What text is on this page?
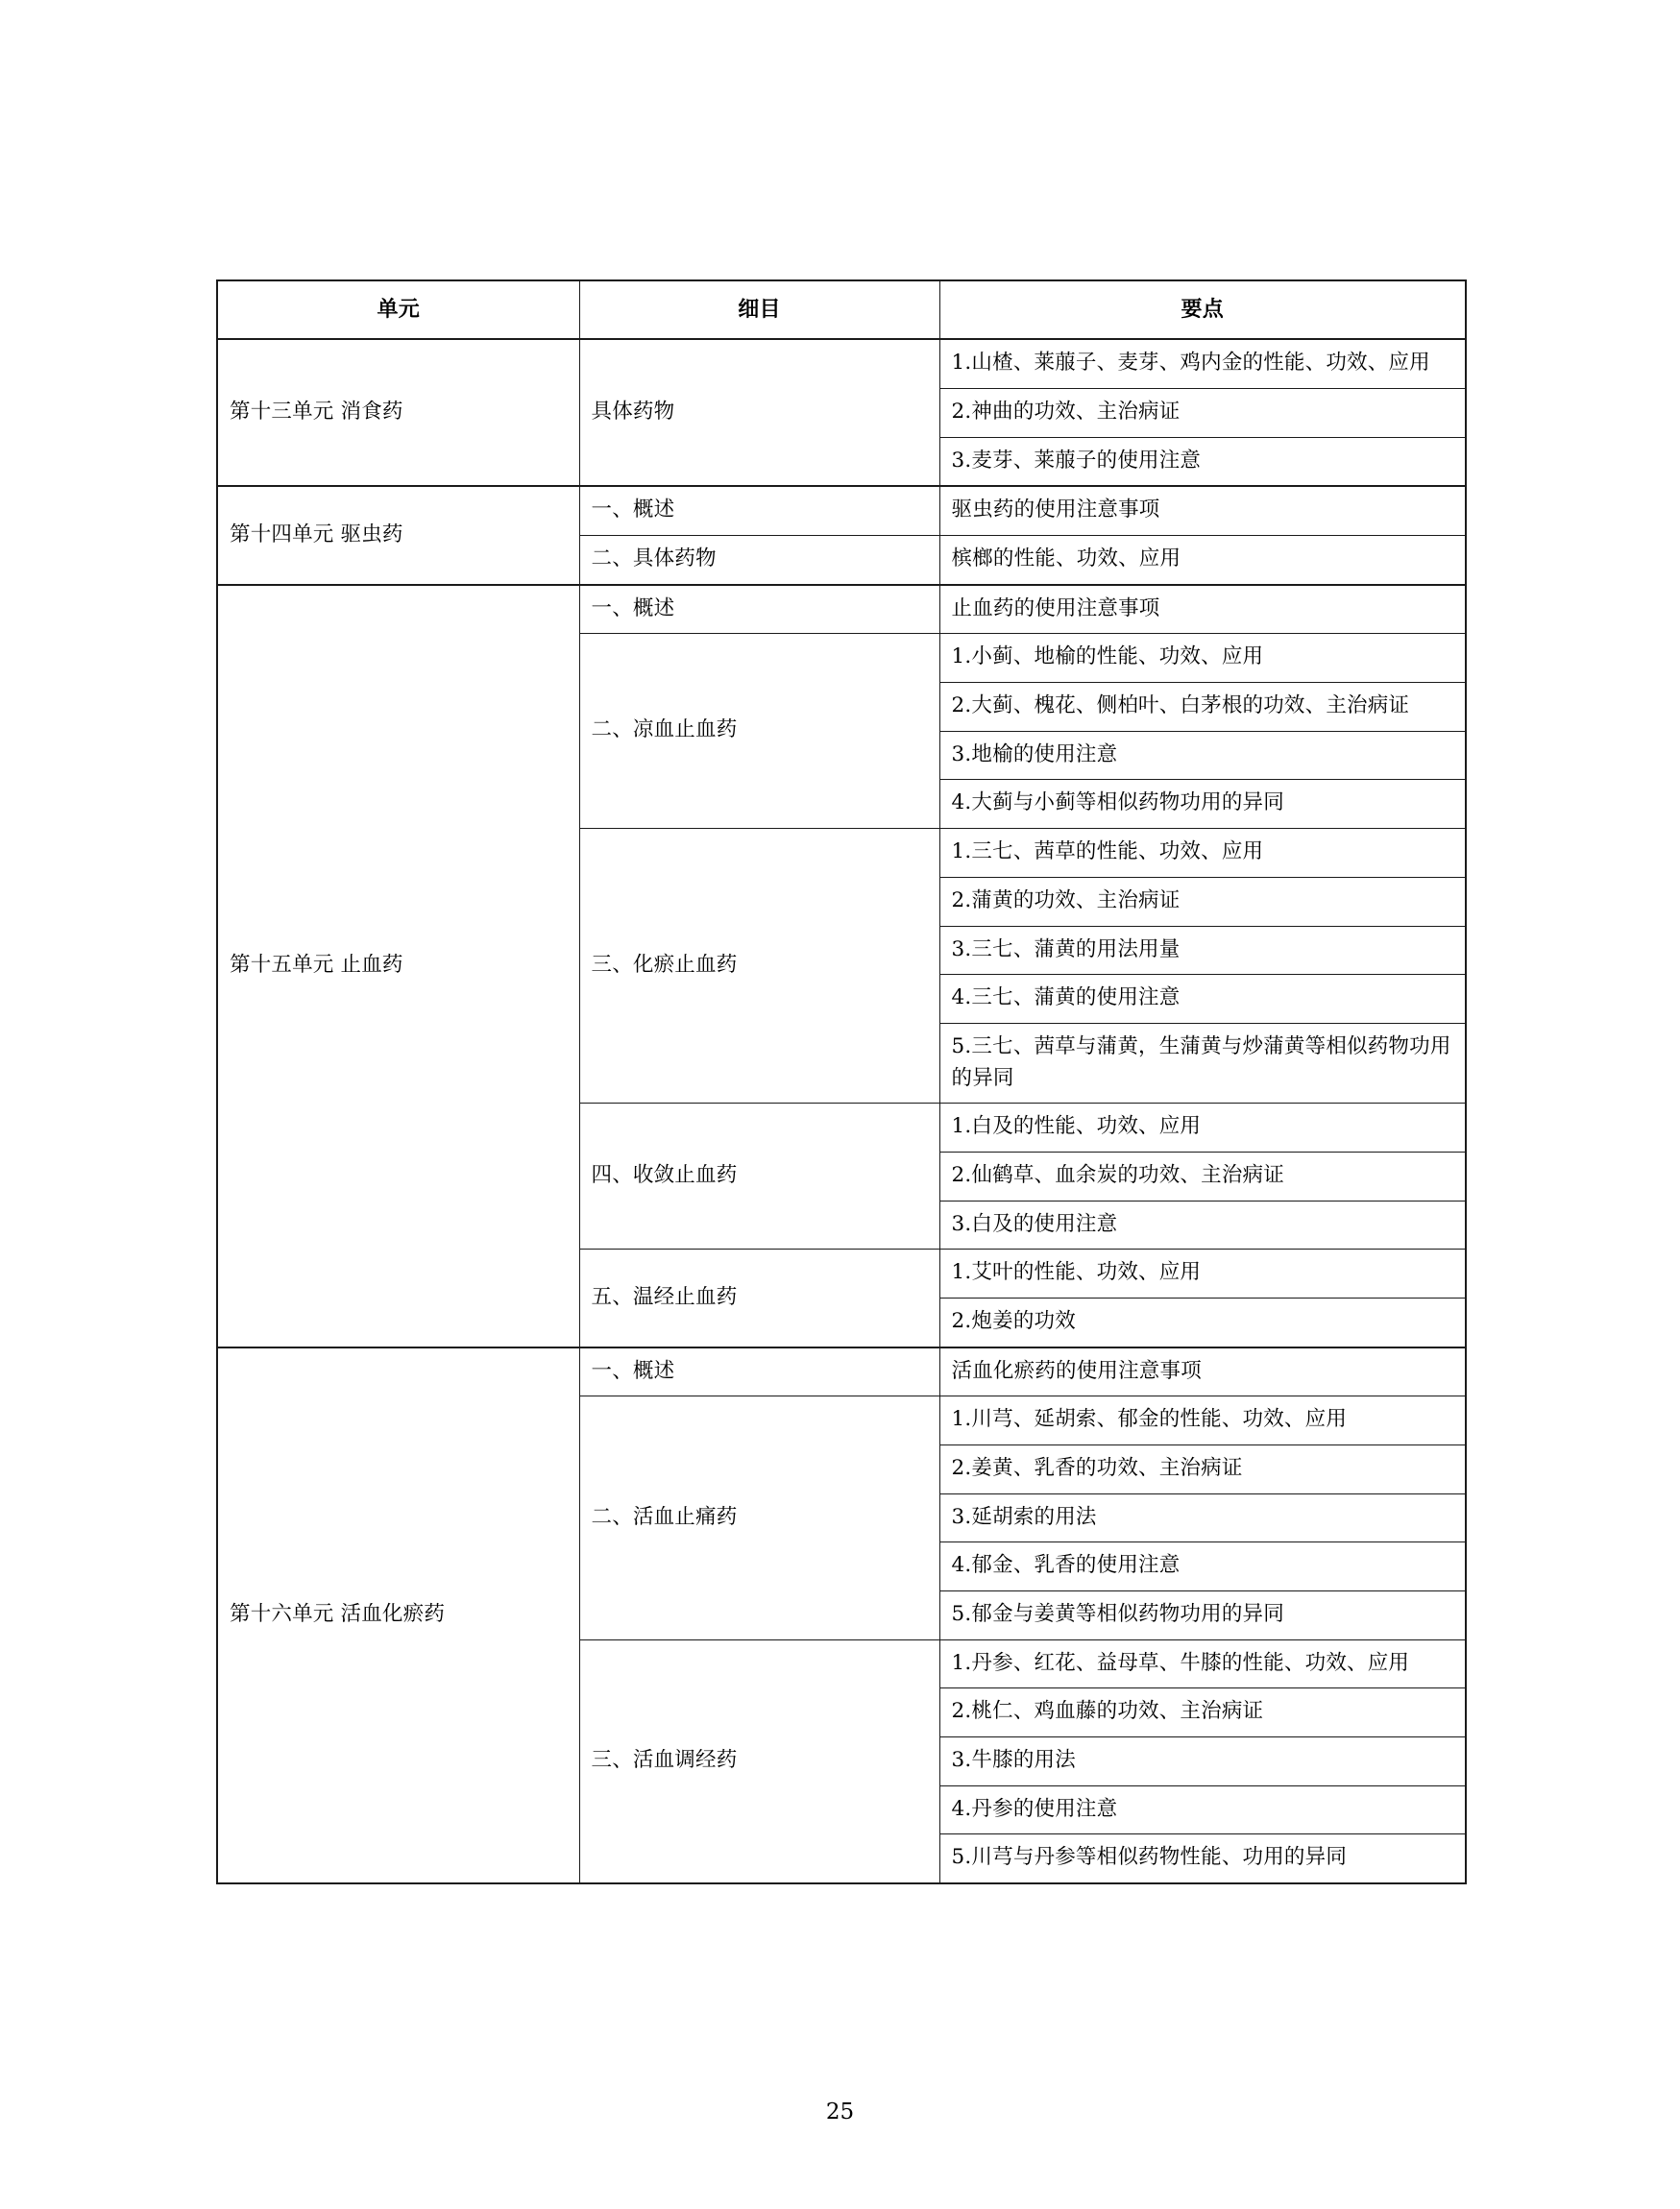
单元	细目	要点
第十三单元 消食药	具体药物	1.山楂、莱菔子、麦芽、鸡内金的性能、功效、应用
		2.神曲的功效、主治病证
		3.麦芽、莱菔子的使用注意
第十四单元 驱虫药	一、概述	驱虫药的使用注意事项
	二、具体药物	槟榔的性能、功效、应用
第十五单元 止血药	一、概述	止血药的使用注意事项
	二、凉血止血药	1.小蓟、地榆的性能、功效、应用
		2.大蓟、槐花、侧柏叶、白茅根的功效、主治病证
		3.地榆的使用注意
		4.大蓟与小蓟等相似药物功用的异同
	三、化瘀止血药	1.三七、茜草的性能、功效、应用
		2.蒲黄的功效、主治病证
		3.三七、蒲黄的用法用量
		4.三七、蒲黄的使用注意
		5.三七、茜草与蒲黄，生蒲黄与炒蒲黄等相似药物功用的异同
	四、收敛止血药	1.白及的性能、功效、应用
		2.仙鹤草、血余炭的功效、主治病证
		3.白及的使用注意
	五、温经止血药	1.艾叶的性能、功效、应用
		2.炮姜的功效
第十六单元 活血化瘀药	一、概述	活血化瘀药的使用注意事项
	二、活血止痛药	1.川芎、延胡索、郁金的性能、功效、应用
		2.姜黄、乳香的功效、主治病证
		3.延胡索的用法
		4.郁金、乳香的使用注意
		5.郁金与姜黄等相似药物功用的异同
	三、活血调经药	1.丹参、红花、益母草、牛膝的性能、功效、应用
		2.桃仁、鸡血藤的功效、主治病证
		3.牛膝的用法
		4.丹参的使用注意
		5.川芎与丹参等相似药物性能、功用的异同
25
